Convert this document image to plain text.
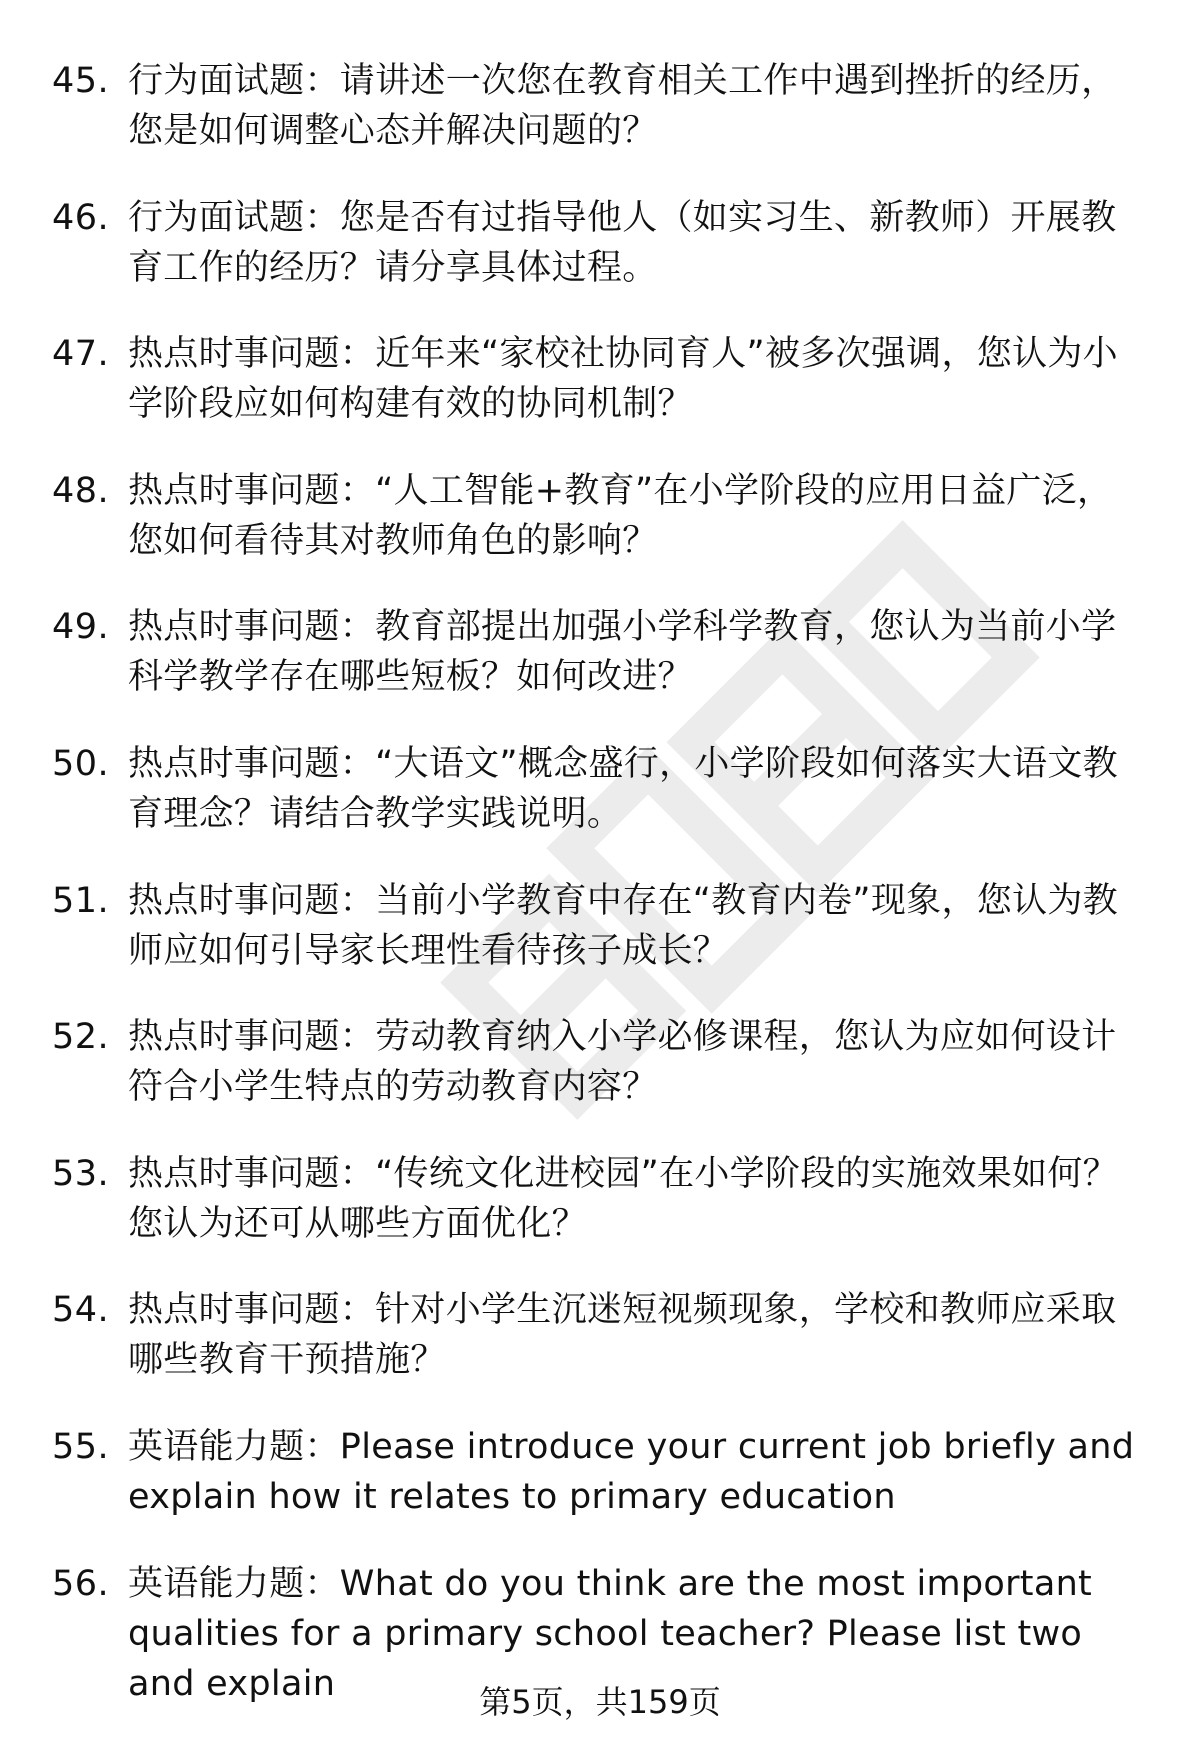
45. 行为面试题：请讲述一次您在教育相关工作中遇到挫折的经历，您是如何调整心态并解决问题的？
46. 行为面试题：您是否有过指导他人（如实习生、新教师）开展教育工作的经历？请分享具体过程。
47. 热点时事问题：近年来“家校社协同育人”被多次强调，您认为小学阶段应如何构建有效的协同机制？
48. 热点时事问题：“人工智能+教育”在小学阶段的应用日益广泛，您如何看待其对教师角色的影响？
49. 热点时事问题：教育部提出加强小学科学教育，您认为当前小学科学教学存在哪些短板？如何改进？
50. 热点时事问题：“大语文”概念盛行，小学阶段如何落实大语文教育理念？请结合教学实践说明。
51. 热点时事问题：当前小学教育中存在“教育内卷”现象，您认为教师应如何引导家长理性看待孩子成长？
52. 热点时事问题：劳动教育纳入小学必修课程，您认为应如何设计符合小学生特点的劳动教育内容？
53. 热点时事问题：“传统文化进校园”在小学阶段的实施效果如何？您认为还可从哪些方面优化？
54. 热点时事问题：针对小学生沉迷短视频现象，学校和教师应采取哪些教育干预措施？
55. 英语能力题：Please introduce your current job briefly and explain how it relates to primary education
56. 英语能力题：What do you think are the most important qualities for a primary school teacher? Please list two and explain	第5页，共159页
